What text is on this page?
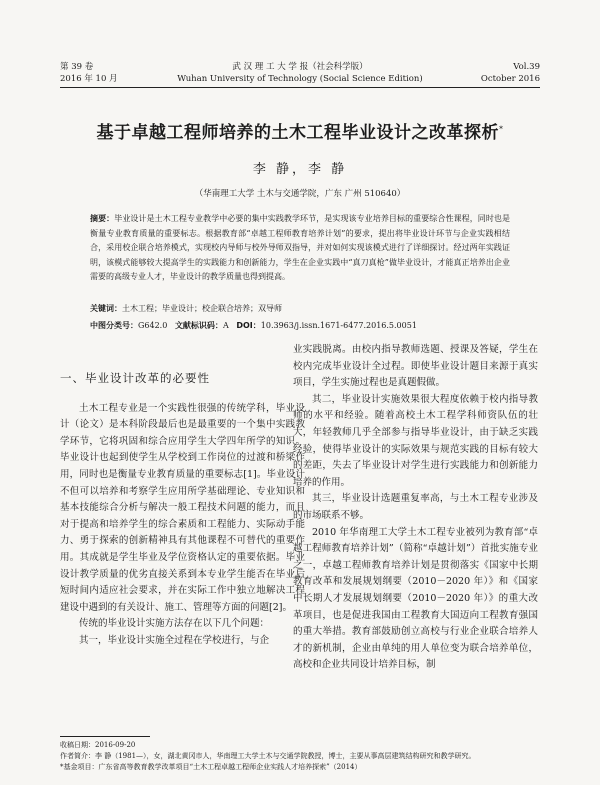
第 39 卷	武 汉 理 工 大 学 报（社会科学版）	Vol.39
2016 年 10 月	Wuhan University of Technology (Social Science Edition)	October 2016
基于卓越工程师培养的土木工程毕业设计之改革探析*
李 静，李 静
（华南理工大学 土木与交通学院，广东 广州 510640）
摘要：毕业设计是土木工程专业教学中必要的集中实践教学环节，是实现该专业培养目标的重要综合性课程，同时也是衡量专业教育质量的重要标志。根据教育部“卓越工程师教育培养计划”的要求，提出将毕业设计环节与企业实践相结合，采用校企联合培养模式，实现校内导师与校外导师双指导，并对如何实现该模式进行了详细探讨。经过两年实践证明，该模式能够较大提高学生的实践能力和创新能力，学生在企业实践中“真刀真枪”做毕业设计，才能真正培养出企业需要的高级专业人才，毕业设计的教学质量也得到提高。
关键词：土木工程；毕业设计；校企联合培养；双导师
中图分类号：G642.0 文献标识码：A DOI：10.3963/j.issn.1671-6477.2016.5.0051
一、毕业设计改革的必要性

土木工程专业是一个实践性很强的传统学科，毕业设计（论文）是本科阶段最后也是最重要的一个集中实践教学环节，它将巩固和综合应用学生大学四年所学的知识。毕业设计也起到使学生从学校到工作岗位的过渡和桥梁作用，同时也是衡量专业教育质量的重要标志[1]。毕业设计不但可以培养和考察学生应用所学基础理论、专业知识和基本技能综合分析与解决一般工程技术问题的能力，而且对于提高和培养学生的综合素质和工程能力、实际动手能力、勇于探索的创新精神具有其他课程不可替代的重要作用。其成就是学生毕业及学位资格认定的重要依据。毕业设计教学质量的优劣直接关系到本专业学生能否在毕业后短时间内适应社会要求，并在实际工作中独立地解决工程建设中遇到的有关设计、施工、管理等方面的问题[2]。

传统的毕业设计实施方法存在以下几个问题：

其一，毕业设计实施全过程在学校进行，与企

业实践脱离。由校内指导教师选题、授课及答疑，学生在校内完成毕业设计全过程。即使毕业设计题目来源于真实项目，学生实施过程也是真题假做。

其二，毕业设计实施效果很大程度依赖于校内指导教师的水平和经验。随着高校土木工程学科师资队伍的壮大，年轻教师几乎全部参与指导毕业设计，由于缺乏实践经验，使得毕业设计的实际效果与规范实践的目标有较大的差距，失去了毕业设计对学生进行实践能力和创新能力培养的作用。

其三，毕业设计选题重复率高，与土木工程专业涉及的市场联系不够。

2010 年华南理工大学土木工程专业被列为教育部“卓越工程师教育培养计划”（简称“卓越计划”）首批实施专业之一，卓越工程师教育培养计划是贯彻落实《国家中长期教育改革和发展规划纲要（2010－2020 年）》和《国家中长期人才发展规划纲要（2010－2020 年）》的重大改革项目，也是促进我国由工程教育大国迈向工程教育强国的重大举措。教育部鼓励创立高校与行业企业联合培养人才的新机制，企业由单纯的用人单位变为联合培养单位，高校和企业共同设计培养目标，制

收稿日期：2016-09-20
作者简介：李 静（1981—），女，湖北黄冈市人，华南理工大学土木与交通学院教授，博士，主要从事高层建筑结构研究和教学研究。
*基金项目：广东省高等教育教学改革项目“土木工程卓越工程师企业实践人才培养探索”（2014）
